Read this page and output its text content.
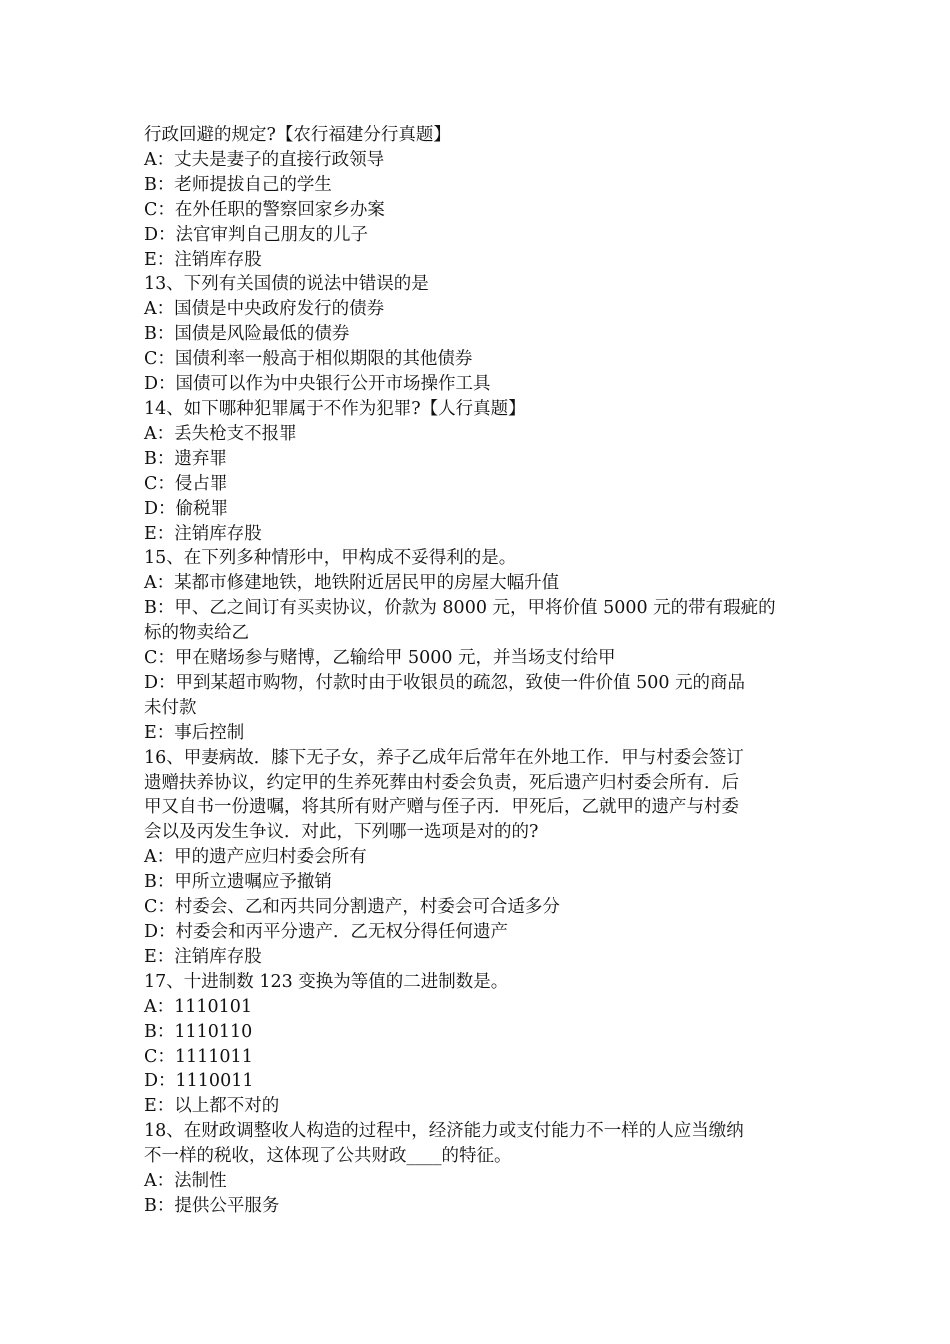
行政回避的规定?【农行福建分行真题】
A：丈夫是妻子的直接行政领导
B：老师提拔自己的学生
C：在外任职的警察回家乡办案
D：法官审判自己朋友的儿子
E：注销库存股
13、下列有关国债的说法中错误的是
A：国债是中央政府发行的债券
B：国债是风险最低的债券
C：国债利率一般高于相似期限的其他债券
D：国债可以作为中央银行公开市场操作工具
14、如下哪种犯罪属于不作为犯罪?【人行真题】
A：丢失枪支不报罪
B：遗弃罪
C：侵占罪
D：偷税罪
E：注销库存股
15、在下列多种情形中，甲构成不妥得利的是。
A：某都市修建地铁，地铁附近居民甲的房屋大幅升值
B：甲、乙之间订有买卖协议，价款为 8000 元，甲将价值 5000 元的带有瑕疵的
标的物卖给乙
C：甲在赌场参与赌博，乙输给甲 5000 元，并当场支付给甲
D：甲到某超市购物，付款时由于收银员的疏忽，致使一件价值 500 元的商品
未付款
E：事后控制
16、甲妻病故．膝下无子女，养子乙成年后常年在外地工作．甲与村委会签订
遗赠扶养协议，约定甲的生养死葬由村委会负责，死后遗产归村委会所有．后
甲又自书一份遗嘱，将其所有财产赠与侄子丙．甲死后，乙就甲的遗产与村委
会以及丙发生争议．对此，下列哪一选项是对的的?
A：甲的遗产应归村委会所有
B：甲所立遗嘱应予撤销
C：村委会、乙和丙共同分割遗产，村委会可合适多分
D：村委会和丙平分遗产．乙无权分得任何遗产
E：注销库存股
17、十进制数 123 变换为等值的二进制数是。
A：1110101
B：1110110
C：1111011
D：1110011
E：以上都不对的
18、在财政调整收人构造的过程中，经济能力或支付能力不一样的人应当缴纳
不一样的税收，这体现了公共财政____的特征。
A：法制性
B：提供公平服务
